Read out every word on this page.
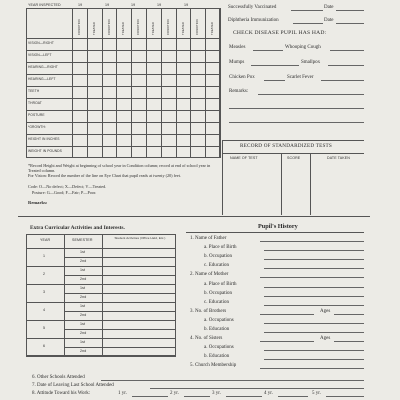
YEAR INSPECTED	19	19	19	19	19
CONDITION	TREATED	CONDITION	TREATED	CONDITION	TREATED	CONDITION	TREATED	CONDITION	TREATED
VISION—RIGHT
VISION—LEFT
HEARING—RIGHT
HEARING—LEFT
TEETH
THROAT
POSTURE
*GROWTH:
HEIGHT IN INCHES
WEIGHT IN POUNDS
*Record Height and Weight at beginning of school year in Condition column; record at end of school year in Treated column.
For Vision: Record the number of the line on Eye Chart that pupil reads at twenty (20) feet.
Code: O—No defect; X—Defect; V—Treated.
Posture: G—Good; F—Fair; P—Poor.
Remarks:
Successfully Vaccinated	Date
Diphtheria Immunization	Date
CHECK DISEASE PUPIL HAS HAD:
Measles	Whooping Cough
Mumps	Smallpox
Chicken Pox	Scarlet Fever
Remarks:
RECORD OF STANDARDIZED TESTS
NAME OF TEST	SCORE	DATE TAKEN
Extra Curricular Activities and Interests.
YEAR	SEMESTER	Student Activities (Office Held, Etc.)
1
1st
2nd
2
1st
2nd
3
1st
2nd
4
1st
2nd
5
1st
2nd
6
1st
2nd
Pupil's History
1. Name of Father
a. Place of Birth
b. Occupation
c. Education
2. Name of Mother
a. Place of Birth
b. Occupation
c. Education
3. No. of Brothers	Ages
a. Occupations
b. Education
4. No. of Sisters	Ages
a. Occupations
b. Education
5. Church Membership
6. Other Schools Attended
7. Date of Leaving Last School Attended
8. Attitude Toward his Work:	1 yr.	2 yr.	3 yr.	4 yr.	5 yr.
